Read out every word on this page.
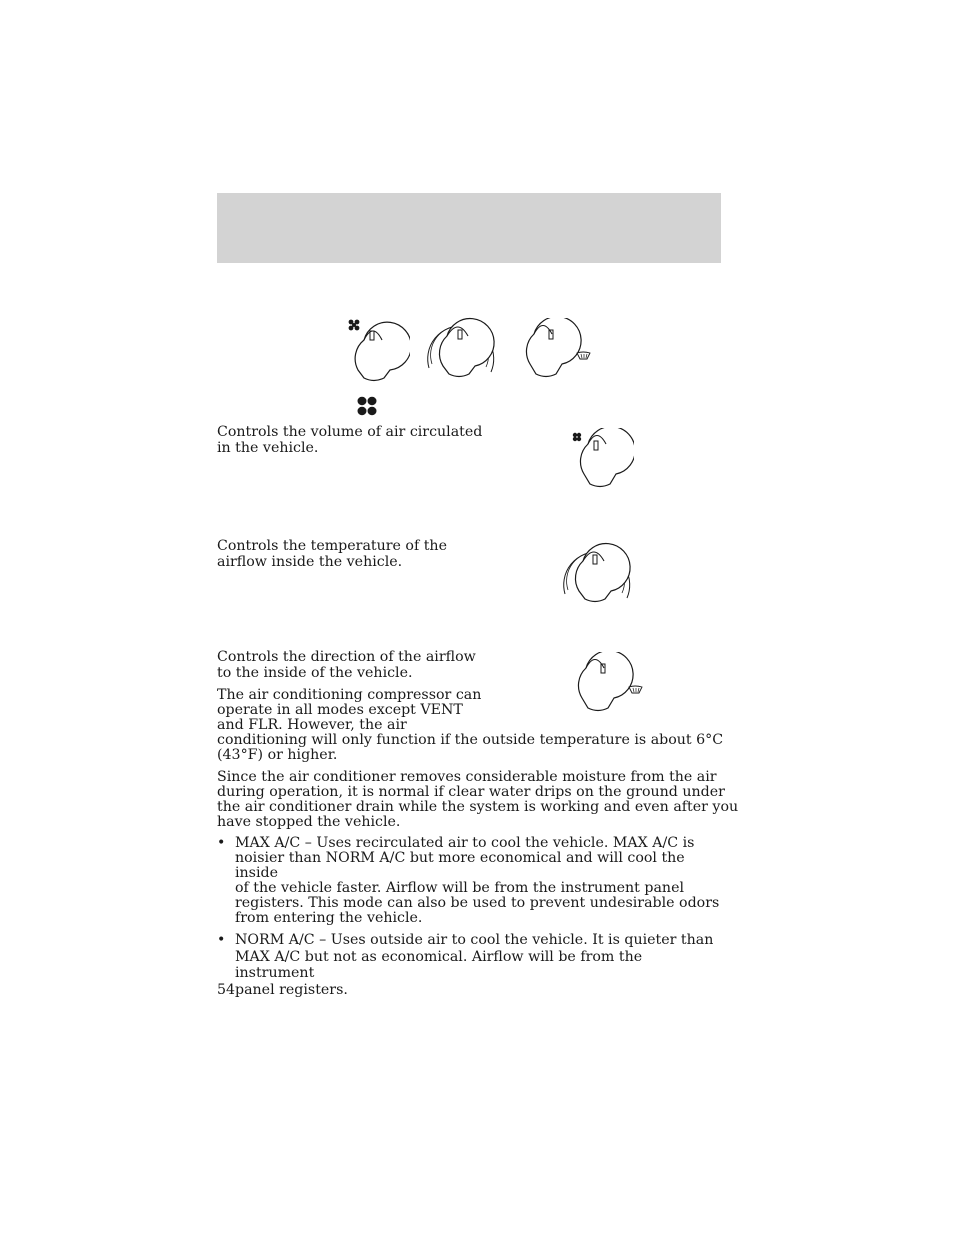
Controls the volume of air circulated
in the vehicle.

Controls the temperature of the
airflow inside the vehicle.

Controls the direction of the airflow
to the inside of the vehicle.

The air conditioning compressor can
operate in all modes except VENT
and FLR. However, the air
conditioning will only function if the outside temperature is about 6°C
(43°F) or higher.

Since the air conditioner removes considerable moisture from the air
during operation, it is normal if clear water drips on the ground under
the air conditioner drain while the system is working and even after you
have stopped the vehicle.

• MAX A/C – Uses recirculated air to cool the vehicle. MAX A/C is
noisier than NORM A/C but more economical and will cool the inside
of the vehicle faster. Airflow will be from the instrument panel
registers. This mode can also be used to prevent undesirable odors
from entering the vehicle.
• NORM A/C – Uses outside air to cool the vehicle. It is quieter than
MAX A/C but not as economical. Airflow will be from the instrument
panel registers.
54
